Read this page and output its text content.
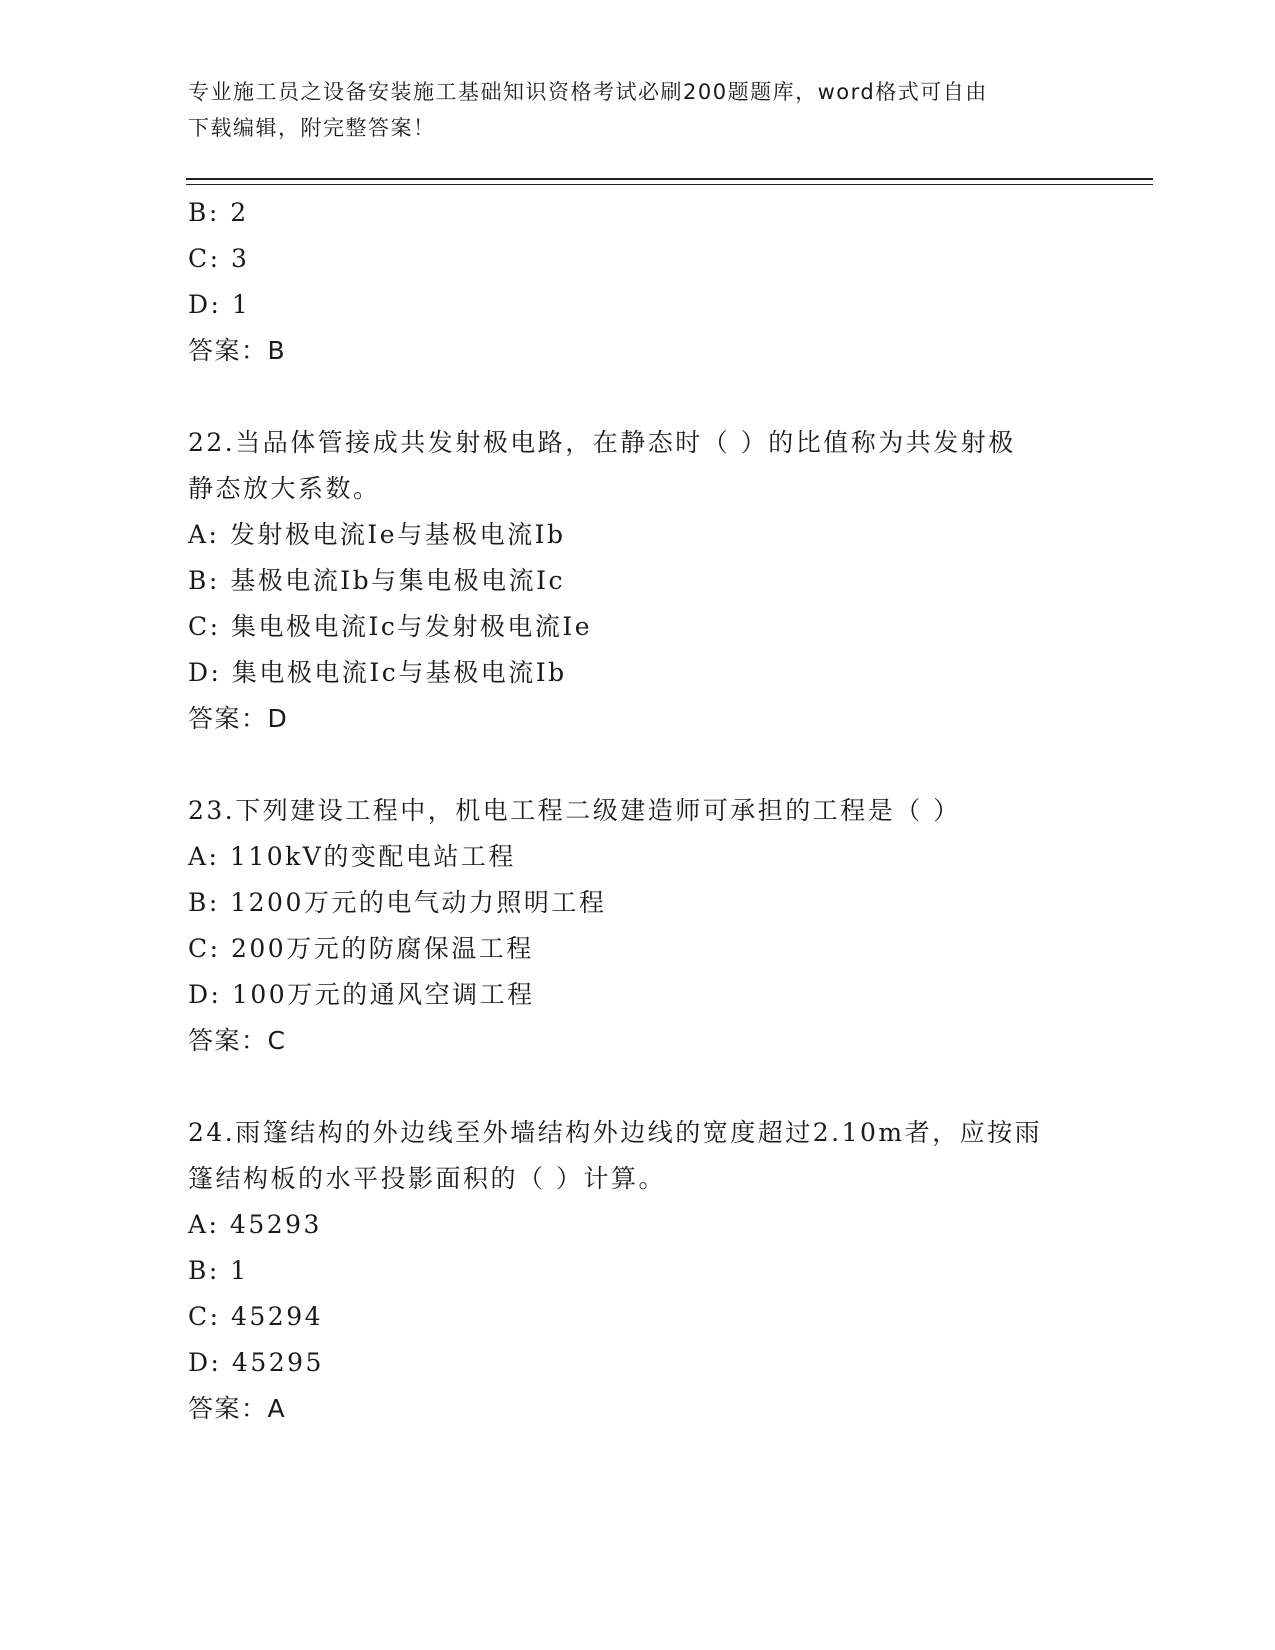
专业施工员之设备安装施工基础知识资格考试必刷200题题库，word格式可自由
下载编辑，附完整答案！
B: 2
C: 3
D: 1
答案：B
22.当品体管接成共发射极电路，在静态时（ ）的比值称为共发射极
静态放大系数。
A: 发射极电流Ie与基极电流Ib
B: 基极电流Ib与集电极电流Ic
C: 集电极电流Ic与发射极电流Ie
D: 集电极电流Ic与基极电流Ib
答案：D
23.下列建设工程中，机电工程二级建造师可承担的工程是（ ）
A: 110kV的变配电站工程
B: 1200万元的电气动力照明工程
C: 200万元的防腐保温工程
D: 100万元的通风空调工程
答案：C
24.雨篷结构的外边线至外墙结构外边线的宽度超过2.10m者，应按雨
篷结构板的水平投影面积的（ ）计算。
A: 45293
B: 1
C: 45294
D: 45295
答案：A
